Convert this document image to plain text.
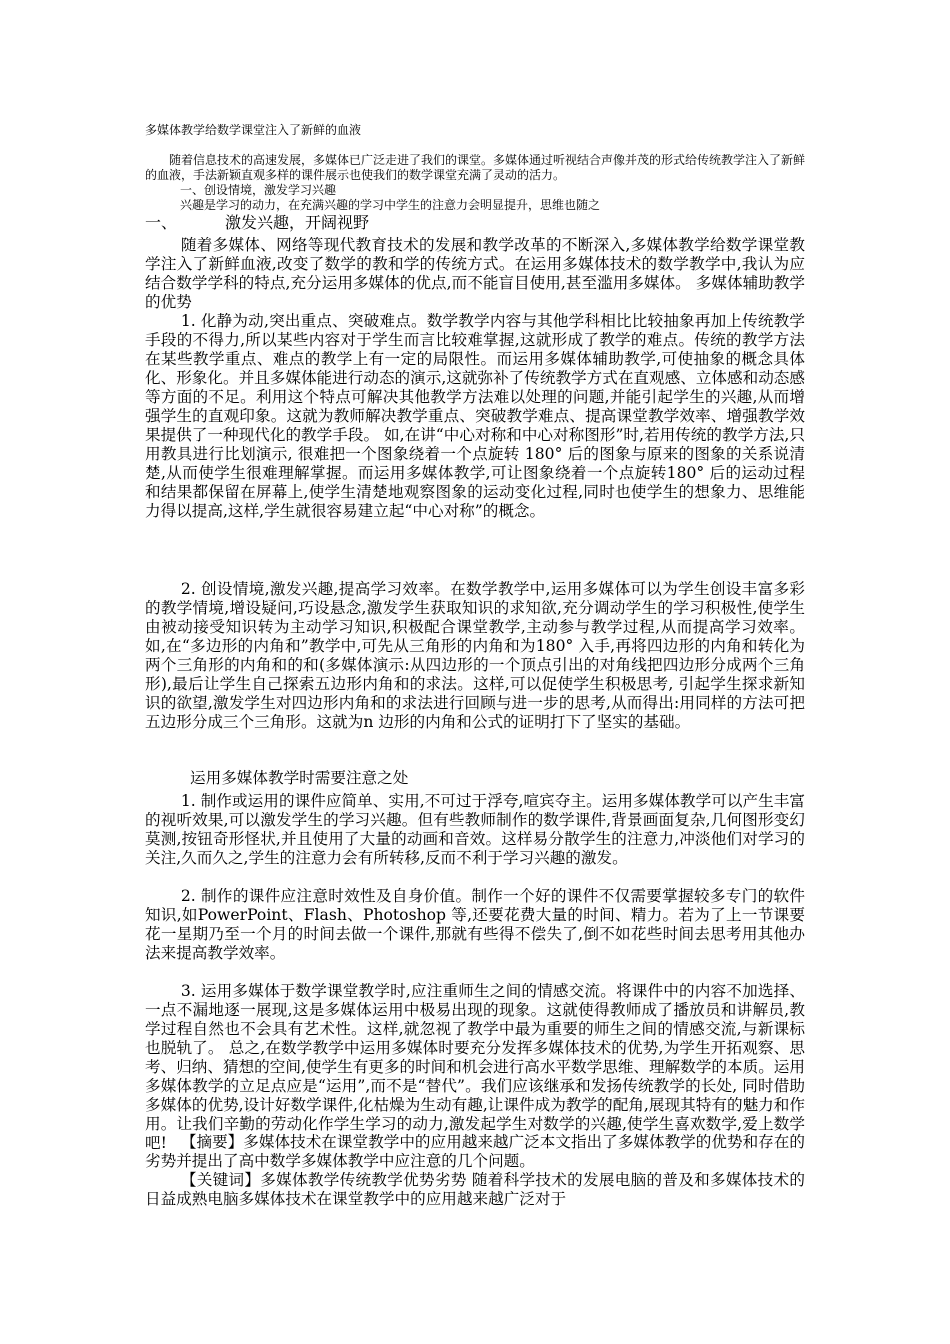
多媒体教学给数学课堂注入了新鲜的血液

随着信息技术的高速发展，多媒体已广泛走进了我们的课堂。多媒体通过听视结合声像并茂的形式给传统教学注入了新鲜的血液，手法新颖直观多样的课件展示也使我们的数学课堂充满了灵动的活力。

一、创设情境，激发学习兴趣

兴趣是学习的动力，在充满兴趣的学习中学生的注意力会明显提升，思维也随之

一、	激发兴趣，开阔视野

随着多媒体、网络等现代教育技术的发展和教学改革的不断深入,多媒体教学给数学课堂教学注入了新鲜血液,改变了数学的教和学的传统方式。在运用多媒体技术的数学教学中,我认为应结合数学学科的特点,充分运用多媒体的优点,而不能盲目使用,甚至滥用多媒体。 多媒体辅助教学的优势

1. 化静为动,突出重点、突破难点。数学教学内容与其他学科相比比较抽象再加上传统教学手段的不得力,所以某些内容对于学生而言比较难掌握,这就形成了教学的难点。传统的教学方法在某些教学重点、难点的教学上有一定的局限性。而运用多媒体辅助教学,可使抽象的概念具体化、形象化。并且多媒体能进行动态的演示,这就弥补了传统教学方式在直观感、立体感和动态感等方面的不足。利用这个特点可解决其他教学方法难以处理的问题,并能引起学生的兴趣,从而增强学生的直观印象。这就为教师解决教学重点、突破教学难点、提高课堂教学效率、增强教学效果提供了一种现代化的教学手段。 如,在讲“中心对称和中心对称图形”时,若用传统的教学方法,只用教具进行比划演示, 很难把一个图象绕着一个点旋转 180° 后的图象与原来的图象的关系说清楚,从而使学生很难理解掌握。而运用多媒体教学,可让图象绕着一个点旋转180° 后的运动过程和结果都保留在屏幕上,使学生清楚地观察图象的运动变化过程,同时也使学生的想象力、思维能力得以提高,这样,学生就很容易建立起“中心对称”的概念。

2. 创设情境,激发兴趣,提高学习效率。在数学教学中,运用多媒体可以为学生创设丰富多彩的教学情境,增设疑问,巧设悬念,激发学生获取知识的求知欲,充分调动学生的学习积极性,使学生由被动接受知识转为主动学习知识,积极配合课堂教学,主动参与教学过程,从而提高学习效率。 如,在“多边形的内角和”教学中,可先从三角形的内角和为180° 入手,再将四边形的内角和转化为两个三角形的内角和的和(多媒体演示:从四边形的一个顶点引出的对角线把四边形分成两个三角形),最后让学生自己探索五边形内角和的求法。这样,可以促使学生积极思考, 引起学生探求新知识的欲望,激发学生对四边形内角和的求法进行回顾与进一步的思考,从而得出:用同样的方法可把五边形分成三个三角形。这就为n 边形的内角和公式的证明打下了坚实的基础。

运用多媒体教学时需要注意之处

1. 制作或运用的课件应简单、实用,不可过于浮夸,喧宾夺主。运用多媒体教学可以产生丰富的视听效果,可以激发学生的学习兴趣。但有些教师制作的数学课件,背景画面复杂,几何图形变幻莫测,按钮奇形怪状,并且使用了大量的动画和音效。这样易分散学生的注意力,冲淡他们对学习的关注,久而久之,学生的注意力会有所转移,反而不利于学习兴趣的激发。

2. 制作的课件应注意时效性及自身价值。制作一个好的课件不仅需要掌握较多专门的软件知识,如PowerPoint、Flash、Photoshop 等,还要花费大量的时间、精力。若为了上一节课要花一星期乃至一个月的时间去做一个课件,那就有些得不偿失了,倒不如花些时间去思考用其他办法来提高教学效率。

3. 运用多媒体于数学课堂教学时,应注重师生之间的情感交流。将课件中的内容不加选择、一点不漏地逐一展现,这是多媒体运用中极易出现的现象。这就使得教师成了播放员和讲解员,教学过程自然也不会具有艺术性。这样,就忽视了教学中最为重要的师生之间的情感交流,与新课标也脱轨了。 总之,在数学教学中运用多媒体时要充分发挥多媒体技术的优势,为学生开拓观察、思考、归纳、猜想的空间,使学生有更多的时间和机会进行高水平数学思维、理解数学的本质。运用多媒体教学的立足点应是“运用”,而不是“替代”。我们应该继承和发扬传统教学的长处, 同时借助多媒体的优势,设计好数学课件,化枯燥为生动有趣,让课件成为教学的配角,展现其特有的魅力和作用。让我们辛勤的劳动化作学生学习的动力,激发起学生对数学的兴趣,使学生喜欢数学,爱上数学吧! 【摘要】多媒体技术在课堂教学中的应用越来越广泛本文指出了多媒体教学的优势和存在的劣势并提出了高中数学多媒体教学中应注意的几个问题。

【关键词】多媒体教学传统教学优势劣势 随着科学技术的发展电脑的普及和多媒体技术的日益成熟电脑多媒体技术在课堂教学中的应用越来越广泛对于
